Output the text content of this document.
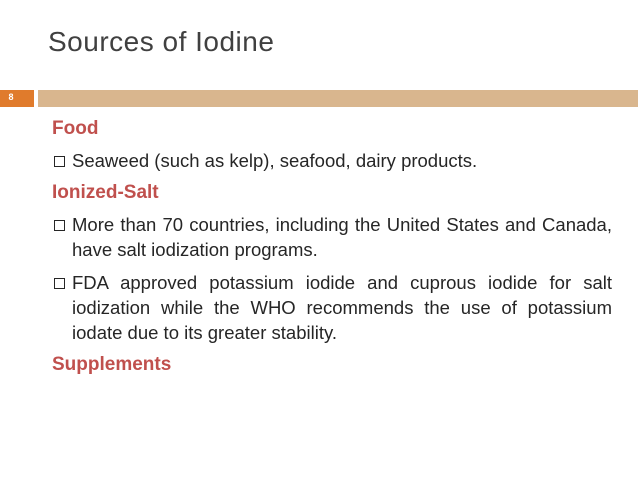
Sources of Iodine
8
Food
Seaweed (such as kelp), seafood, dairy products.
Ionized-Salt
More than 70 countries, including the United States and Canada, have salt iodization programs.
FDA approved potassium iodide and cuprous iodide for salt iodization while the WHO recommends the use of potassium iodate due to its greater stability.
Supplements
